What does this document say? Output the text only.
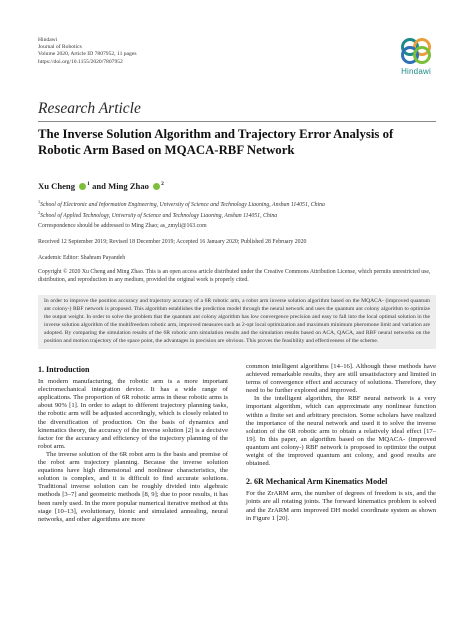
Hindawi
Journal of Robotics
Volume 2020, Article ID 7807952, 11 pages
https://doi.org/10.1155/2020/7807952
Hindawi
Research Article
The Inverse Solution Algorithm and Trajectory Error Analysis of Robotic Arm Based on MQACA-RBF Network
Xu Cheng $^1$ and Ming Zhao $^2$
$^1$School of Electronic and Information Engineering, University of Science and Technology Liaoning, Anshan 114051, China
$^2$School of Applied Technology, University of Science and Technology Liaoning, Anshan 114051, China
Correspondence should be addressed to Ming Zhao; as_zmyli@163.com
Received 12 September 2019; Revised 18 December 2019; Accepted 16 January 2020; Published 28 February 2020
Academic Editor: Shahram Payandeh
Copyright © 2020 Xu Cheng and Ming Zhao. This is an open access article distributed under the Creative Commons Attribution License, which permits unrestricted use, distribution, and reproduction in any medium, provided the original work is properly cited.
In order to improve the position accuracy and trajectory accuracy of a 6R robotic arm, a robot arm inverse solution algorithm based on the MQACA- (improved quantum ant colony-) RBF network is proposed. This algorithm establishes the prediction model through the neural network and uses the quantum ant colony algorithm to optimize the output weight. In order to solve the problem that the quantum ant colony algorithm has low convergence precision and easy to fall into the local optimal solution in the inverse solution algorithm of the multifreedom robotic arm, improved measures such as 2-opt local optimization and maximum minimum pheromone limit and variation are adopted. By comparing the simulation results of the 6R robotic arm simulation results and the simulation results based on ACA, QACA, and RBF neural networks on the position and motion trajectory of the space point, the advantages in precision are obvious. This proves the feasibility and effectiveness of the scheme.
1. Introduction

In modern manufacturing, the robotic arm is a more important electromechanical integration device. It has a wide range of applications. The proportion of 6R robotic arms in these robotic arms is about 90% [1]. In order to adapt to different trajectory planning tasks, the robotic arm will be adjusted accordingly, which is closely related to the diversification of production. On the basis of dynamics and kinematics theory, the accuracy of the inverse solution [2] is a decisive factor for the accuracy and efficiency of the trajectory planning of the robot arm.

The inverse solution of the 6R robot arm is the basis and premise of the robot arm trajectory planning. Because the inverse solution equations have high dimensional and nonlinear characteristics, the solution is complex, and it is difficult to find accurate solutions. Traditional inverse solution can be roughly divided into algebraic methods [3–7] and geometric methods [8, 9]; due to poor results, it has been rarely used. In the more popular numerical iterative method at this stage [10–13], evolutionary, bionic and simulated annealing, neural networks, and other algorithms are more

common intelligent algorithms [14–16]. Although these methods have achieved remarkable results, they are still unsatisfactory and limited in terms of convergence effect and accuracy of solutions. Therefore, they need to be further explored and improved.

In the intelligent algorithm, the RBF neural network is a very important algorithm, which can approximate any nonlinear function within a finite set and arbitrary precision. Some scholars have realized the importance of the neural network and used it to solve the inverse solution of the 6R robotic arm to obtain a relatively ideal effect [17–19]. In this paper, an algorithm based on the MQACA- (improved quantum ant colony-) RBF network is proposed to optimize the output weight of the improved quantum ant colony, and good results are obtained.

2. 6R Mechanical Arm Kinematics Model

For the ZrARM arm, the number of degrees of freedom is six, and the joints are all rotating joints. The forward kinematics problem is solved and the ZrARM arm improved DH model coordinate system as shown in Figure 1 [20].
